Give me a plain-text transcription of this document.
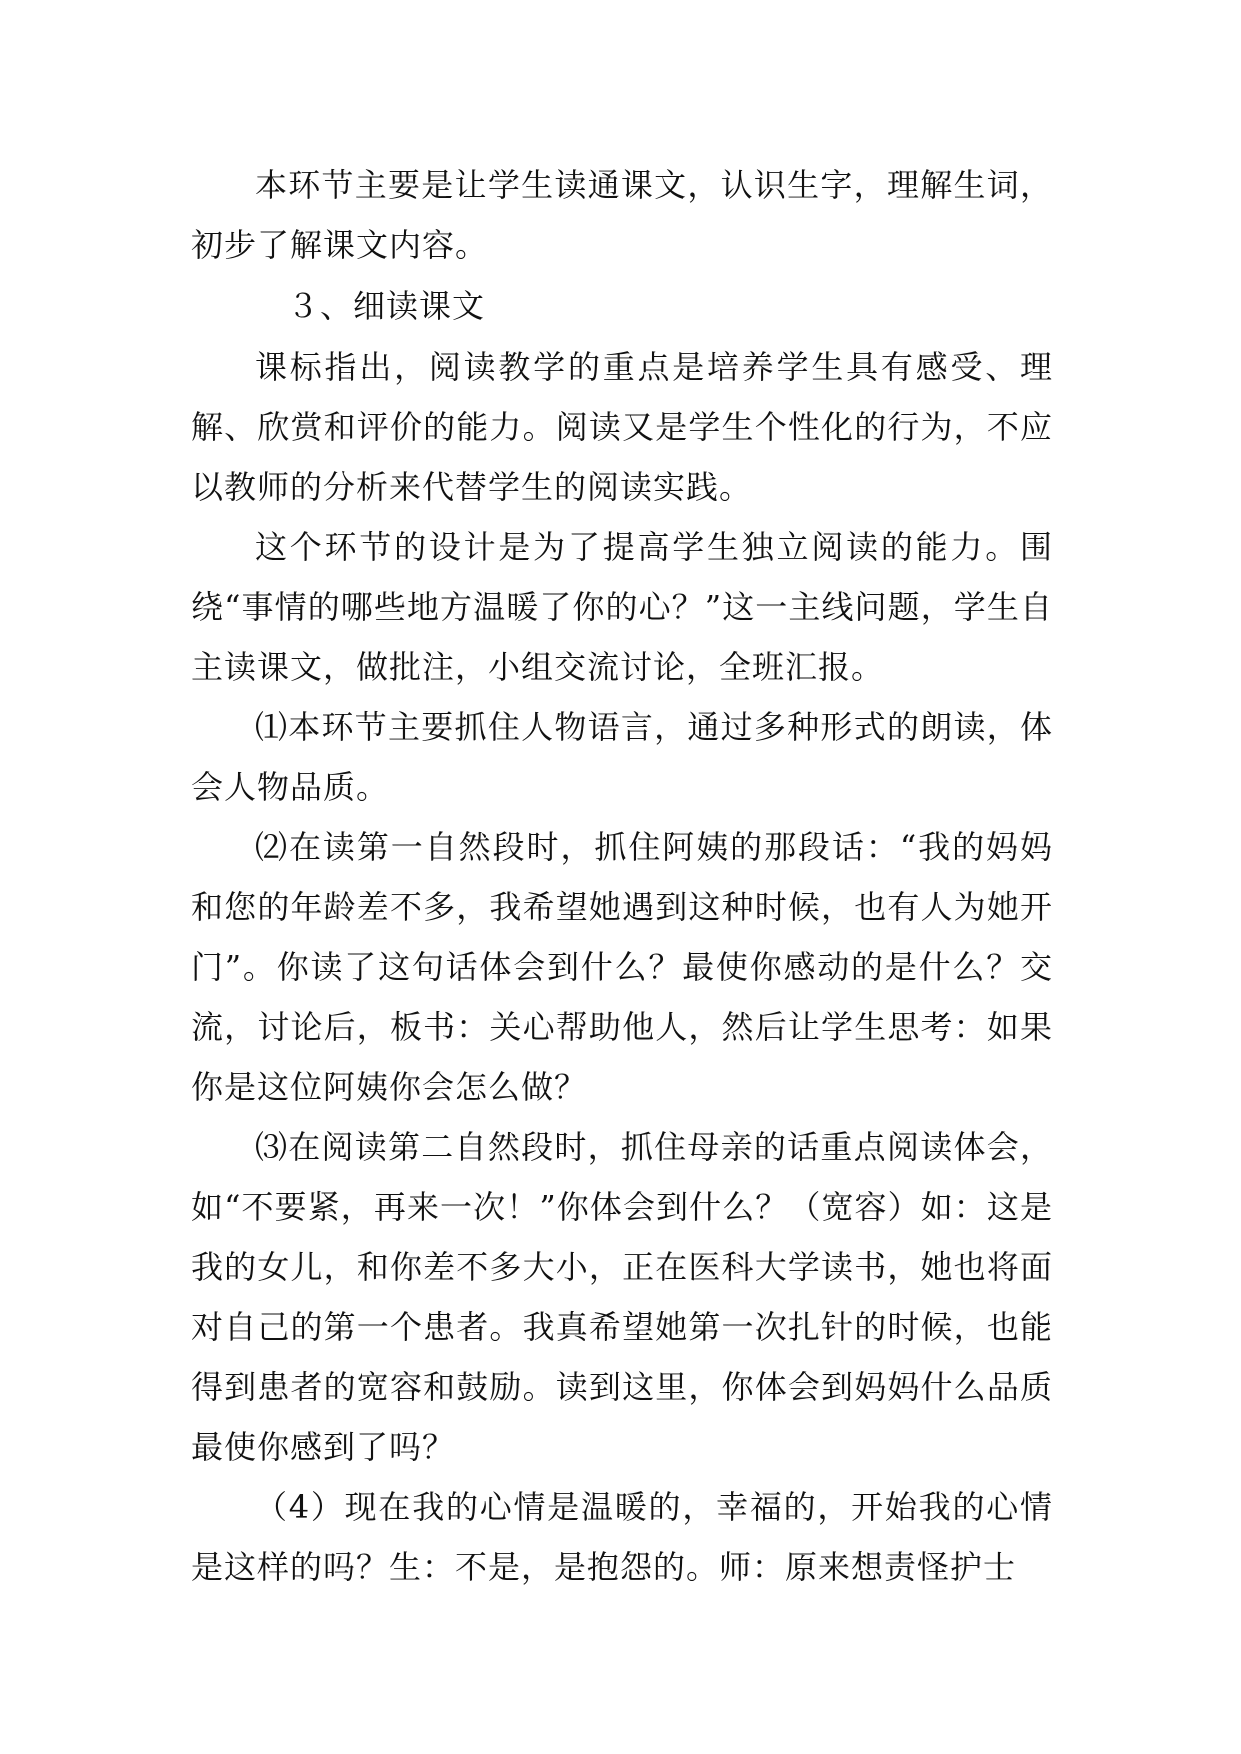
本环节主要是让学生读通课文，认识生字，理解生词，初步了解课文内容。

３、细读课文

课标指出，阅读教学的重点是培养学生具有感受、理解、欣赏和评价的能力。阅读又是学生个性化的行为，不应以教师的分析来代替学生的阅读实践。

这个环节的设计是为了提高学生独立阅读的能力。围绕“事情的哪些地方温暖了你的心？”这一主线问题，学生自主读课文，做批注，小组交流讨论，全班汇报。

⑴本环节主要抓住人物语言，通过多种形式的朗读，体会人物品质。

⑵在读第一自然段时，抓住阿姨的那段话：“我的妈妈和您的年龄差不多，我希望她遇到这种时候，也有人为她开门”。你读了这句话体会到什么？最使你感动的是什么？交流，讨论后，板书：关心帮助他人，然后让学生思考：如果你是这位阿姨你会怎么做？

⑶在阅读第二自然段时，抓住母亲的话重点阅读体会，如“不要紧，再来一次！”你体会到什么？（宽容）如：这是我的女儿，和你差不多大小，正在医科大学读书，她也将面对自己的第一个患者。我真希望她第一次扎针的时候，也能得到患者的宽容和鼓励。读到这里，你体会到妈妈什么品质最使你感到了吗？

（4）现在我的心情是温暖的，幸福的，开始我的心情是这样的吗？生：不是，是抱怨的。师：原来想责怪护士
